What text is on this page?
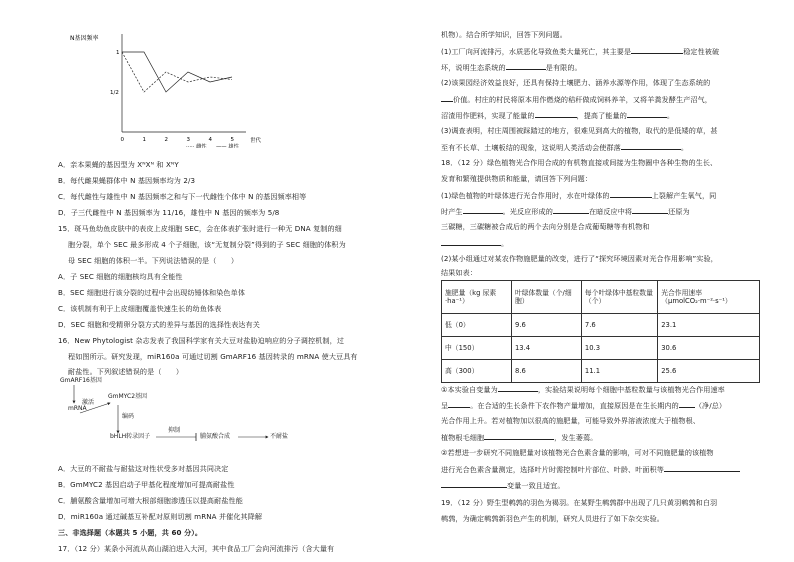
N基因频率
世代
0	1	2	3	4	5
1
1/2
····· 雌性 —— 雄性
A．亲本果蝇的基因型为 XᴺXᴺ 和 XᴺY
B．每代雌果蝇群体中 N 基因频率均为 2/3
C．每代雌性与雄性中 N 基因频率之和与下一代雌性个体中 N 的基因频率相等
D．子三代雌性中 N 基因频率为 11/16，雄性中 N 基因的频率为 5/8
15．斑马鱼幼鱼皮肤中的表皮上皮细胞 SEC，会在体表扩张时进行一种无 DNA 复制的细
胞分裂，单个 SEC 最多形成 4 个子细胞，该“无复制分裂”得到的子 SEC 细胞的体积为
母 SEC 细胞的体积一半。下列说法错误的是（　　）
A．子 SEC 细胞的细胞核均具有全能性
B．SEC 细胞进行该分裂的过程中会出现纺锤体和染色单体
C．该机制有利于上皮细胞覆盖快速生长的幼鱼体表
D．SEC 细胞和受精卵分裂方式的差异与基因的选择性表达有关
16．New Phytologist 杂志发表了我国科学家有关大豆对盐胁迫响应的分子调控机制，过
程如图所示。研究发现，miR160a 可通过切割 GmARF16 基因转录的 mRNA 使大豆具有
耐盐性。下列叙述错误的是（　　）
GmARF16基因
mRNA
激活
GmMYC2基因
编码
bHLH转录因子
抑制
脯氨酸合成	不耐盐
A．大豆的不耐盐与耐盐这对性状受多对基因共同决定
B．GmMYC2 基因启动子甲基化程度增加可提高耐盐性
C．脯氨酸含量增加可增大根部细胞渗透压以提高耐盐性能
D．miR160a 通过碱基互补配对原则切割 mRNA 并催化其降解
三、非选择题（本题共 5 小题，共 60 分）。
17．（12 分）某条小河流从高山湖泊进入大河，其中食品工厂会向河流排污（含大量有
机物）。结合所学知识，回答下列问题。
(1)工厂向河流排污，水质恶化导致鱼类大量死亡，其主要是	稳定性被破
坏，说明生态系统的	是有限的。
(2)该果园经济效益良好，还具有保持土壤肥力、涵养水源等作用，体现了生态系统的
价值。村庄的村民将原本用作燃烧的秸秆做成饲料养羊，又将羊粪发酵生产沼气，
沼渣用作肥料，实现了能量的	，提高了能量的	。
(3)调查表明，村庄周围被踩踏过的地方，很难见到高大的植物，取代的是低矮的草，甚
至有不长草、土壤板结的现象，这说明人类活动会使群落	。
18．（12 分）绿色植物光合作用合成的有机物直接或间接为生物圈中各种生物的生长、
发育和繁殖提供物质和能量，请回答下列问题：
(1)绿色植物的叶绿体进行光合作用时，水在叶绿体的	上裂解产生氧气，同
时产生	。光反应形成的	在暗反应中将	还原为
三碳糖，三碳糖被合成后的两个去向分别是合成葡萄糖等有机物和
。
(2)某小组通过对某农作物施肥量的改变，进行了“探究环境因素对光合作用影响”实验，
结果如表：
施肥量（kg 尿素·ha⁻¹）	叶绿体数量（个/细胞）	每个叶绿体中基粒数量（个）	光合作用速率（μmolCO₂·m⁻²·s⁻¹）
低（0）	9.6	7.6	23.1
中（150）	13.4	10.3	30.6
高（300）	8.6	11.1	25.6
①本实验自变量为	，实验结果说明每个细胞中基粒数量与该植物光合作用速率
呈	。在合适的生长条件下农作物产量增加，直接原因是在生长期内的 （净/总）
光合作用上升。若对植物加以很高的施肥量，可能导致外界溶液浓度大于植物根、
植物根毛细胞	，发生萎蔫。
②若想进一步研究不同施肥量对该植物光合色素含量的影响，可对不同施肥量的该植物
进行光合色素含量测定，选择叶片时需控制叶片部位、叶龄、叶面积等
变量一致且适宜。
19．（12 分）野生型鹌鹑的羽色为褐羽。在某野生鹌鹑群中出现了几只黄羽鹌鹑和白羽
鹌鹑，为确定鹌鹑新羽色产生的机制，研究人员进行了如下杂交实验。
